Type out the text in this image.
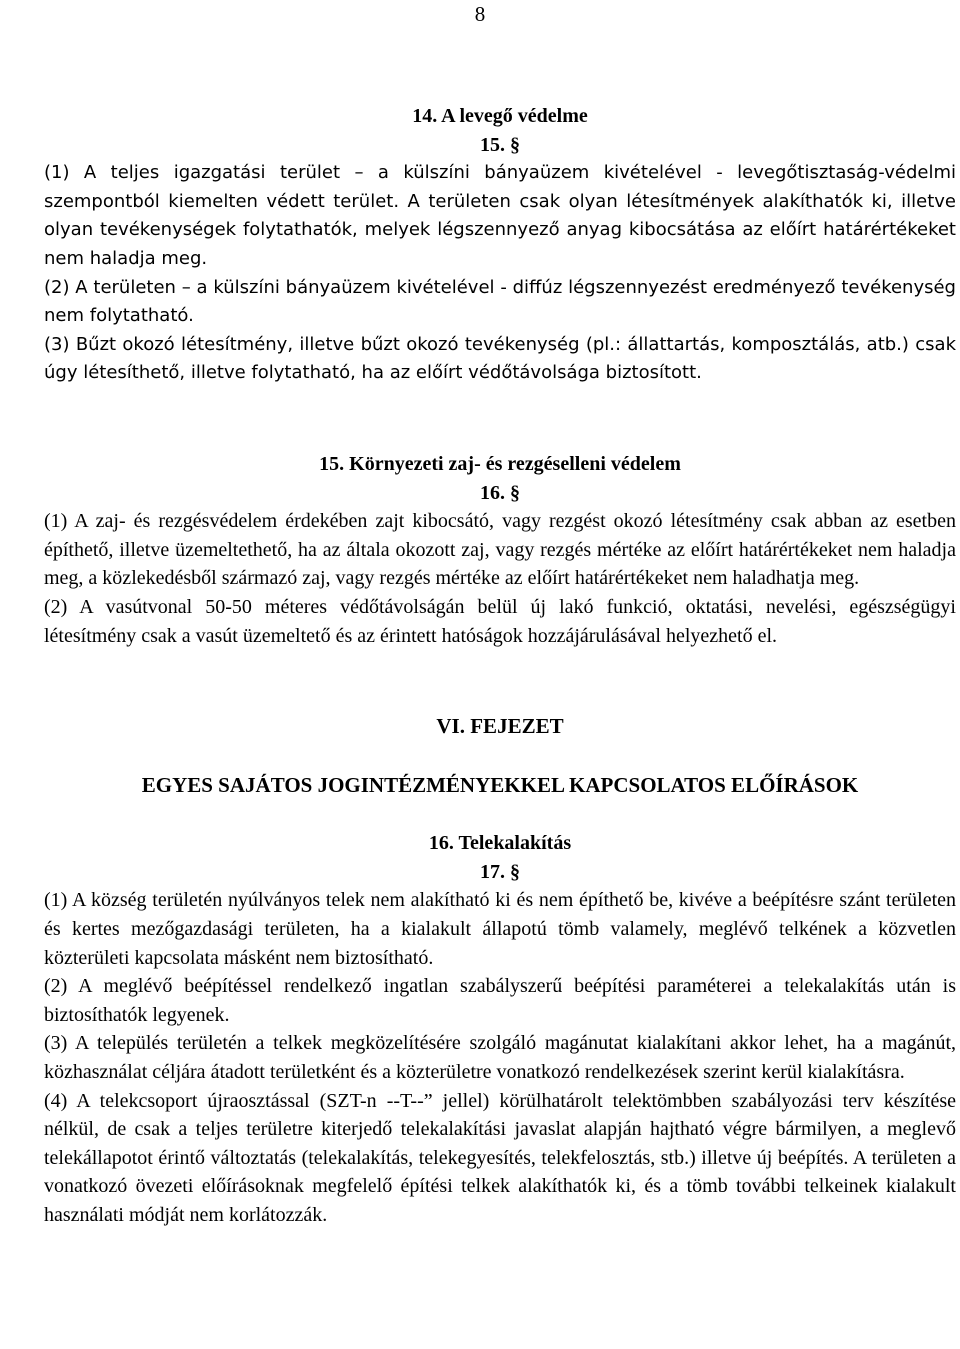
8
14. A levegő védelme
15. §
(1) A teljes igazgatási terület – a külszíni bányaüzem kivételével - levegőtisztaság-védelmi szempontból kiemelten védett terület. A területen csak olyan létesítmények alakíthatók ki, illetve olyan tevékenységek folytathatók, melyek légszennyező anyag kibocsátása az előírt határértékeket nem haladja meg.
(2) A területen – a külszíni bányaüzem kivételével - diffúz légszennyezést eredményező tevékenység nem folytatható.
(3) Bűzt okozó létesítmény, illetve bűzt okozó tevékenység (pl.: állattartás, komposztálás, atb.) csak úgy létesíthető, illetve folytatható, ha az előírt védőtávolsága biztosított.
15. Környezeti zaj- és rezgéselleni védelem
16. §
(1) A zaj- és rezgésvédelem érdekében zajt kibocsátó, vagy rezgést okozó létesítmény csak abban az esetben építhető, illetve üzemeltethető, ha az általa okozott zaj, vagy rezgés mértéke az előírt határértékeket nem haladja meg, a közlekedésből származó zaj, vagy rezgés mértéke az előírt határértékeket nem haladhatja meg.
(2) A vasútvonal 50-50 méteres védőtávolságán belül új lakó funkció, oktatási, nevelési, egészségügyi létesítmény csak a vasút üzemeltető és az érintett hatóságok hozzájárulásával helyezhető el.
VI. FEJEZET
EGYES SAJÁTOS JOGINTÉZMÉNYEKKEL KAPCSOLATOS ELŐÍRÁSOK
16. Telekalakítás
17. §
(1) A község területén nyúlványos telek nem alakítható ki és nem építhető be, kivéve a beépítésre szánt területen és kertes mezőgazdasági területen, ha a kialakult állapotú tömb valamely, meglévő telkének a közvetlen közterületi kapcsolata másként nem biztosítható.
(2) A meglévő beépítéssel rendelkező ingatlan szabályszerű beépítési paraméterei a telekalakítás után is biztosíthatók legyenek.
(3) A település területén a telkek megközelítésére szolgáló magánutat kialakítani akkor lehet, ha a magánút, közhasználat céljára átadott területként és a közterületre vonatkozó rendelkezések szerint kerül kialakításra.
(4) A telekcsoport újraosztással (SZT-n --T--” jellel) körülhatárolt telektömbben szabályozási terv készítése nélkül, de csak a teljes területre kiterjedő telekalakítási javaslat alapján hajtható végre bármilyen, a meglevő telekállapotot érintő változtatás (telekalakítás, telekegyesítés, telekfelosztás, stb.) illetve új beépítés. A területen a vonatkozó övezeti előírásoknak megfelelő építési telkek alakíthatók ki, és a tömb további telkeinek kialakult használati módját nem korlátozzák.
